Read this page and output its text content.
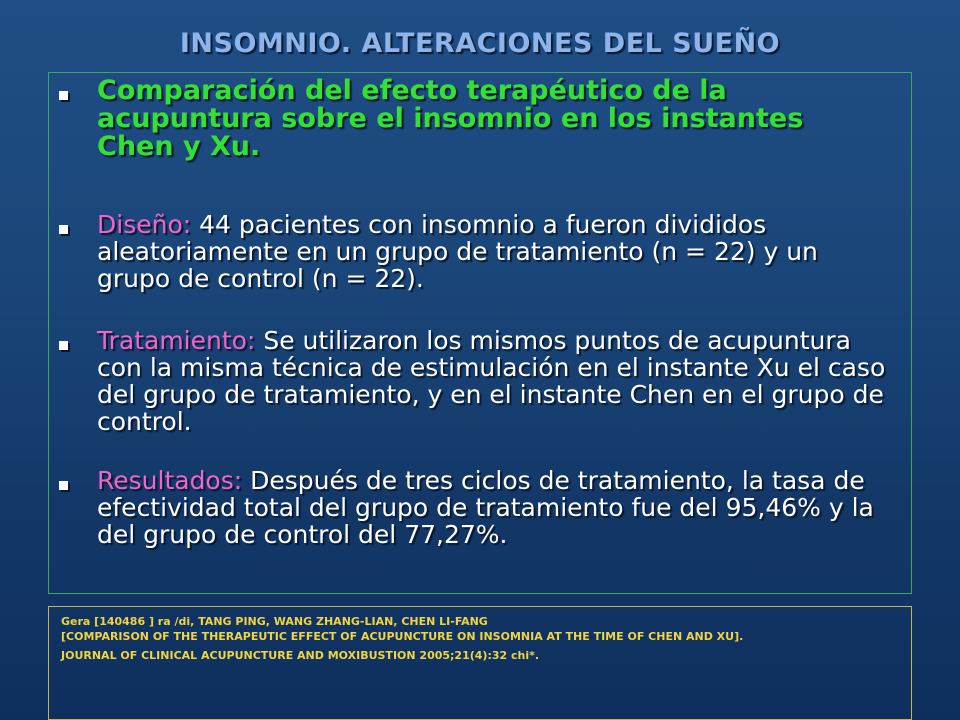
INSOMNIO. ALTERACIONES DEL SUEÑO
Comparación del efecto terapéutico de la acupuntura sobre el insomnio en los instantes Chen y Xu.
Diseño: 44 pacientes con insomnio a fueron divididos aleatoriamente en un grupo de tratamiento (n = 22) y un grupo de control (n = 22).
Tratamiento: Se utilizaron los mismos puntos de acupuntura con la misma técnica de estimulación en el instante Xu el caso del grupo de tratamiento, y en el instante Chen en el grupo de control.
Resultados: Después de tres ciclos de tratamiento, la tasa de efectividad total del grupo de tratamiento fue del 95,46% y la del grupo de control del 77,27%.
Gera [140486 ] ra /di, TANG PING, WANG ZHANG-LIAN, CHEN LI-FANG
[COMPARISON OF THE THERAPEUTIC EFFECT OF ACUPUNCTURE ON INSOMNIA AT THE TIME OF CHEN AND XU].
JOURNAL OF CLINICAL ACUPUNCTURE AND MOXIBUSTION 2005;21(4):32 chi*.
